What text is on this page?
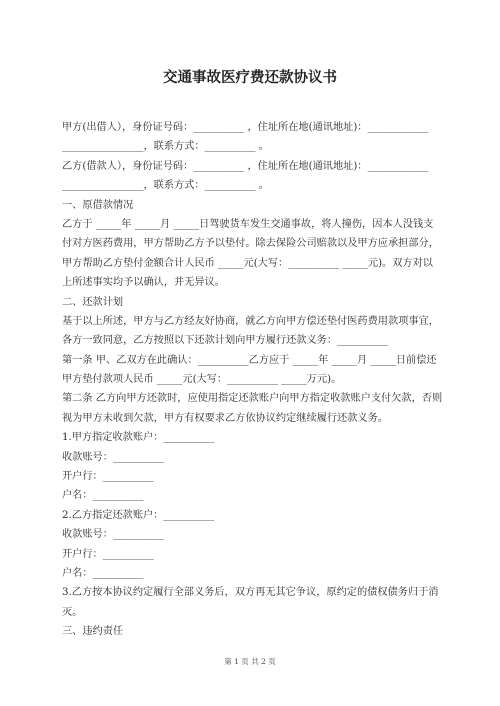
交通事故医疗费还款协议书
甲方(出借人），身份证号码：__________ ，住址所在地(通讯地址)：____________
________________，联系方式：__________ 。
乙方(借款人），身份证号码：__________ ，住址所在地(通讯地址)：____________
________________，联系方式：__________ 。
一、原借款情况
乙方于 _____年 _____月 _____日驾驶货车发生交通事故，将人撞伤，因本人没钱支
付对方医药费用，甲方帮助乙方予以垫付。除去保险公司赔款以及甲方应承担部分，
甲方帮助乙方垫付金额合计人民币 _____元(大写：__________ _____元)。双方对以
上所述事实均予以确认，并无异议。
二、还款计划
基于以上所述，甲方与乙方经友好协商，就乙方向甲方偿还垫付医药费用款项事宜，
各方一致同意，乙方按照以下还款计划向甲方履行还款义务：__________
第一条 甲、乙双方在此确认：__________乙方应于 _____年 _____月 _____日前偿还
甲方垫付款项人民币 _____元(大写：__________ _____万元)。
第二条 乙方向甲方还款时，应使用指定还款账户向甲方指定收款账户支付欠款，否则
视为甲方未收到欠款，甲方有权要求乙方依协议约定继续履行还款义务。
1.甲方指定收款账户：__________
收款账号：__________
开户行：__________
户名：__________
2.乙方指定还款账户：__________
收款账号：__________
开户行：__________
户名：__________
3.乙方按本协议约定履行全部义务后，双方再无其它争议，原约定的债权债务归于消
灭。
三、违约责任
第 1 页 共 2 页
